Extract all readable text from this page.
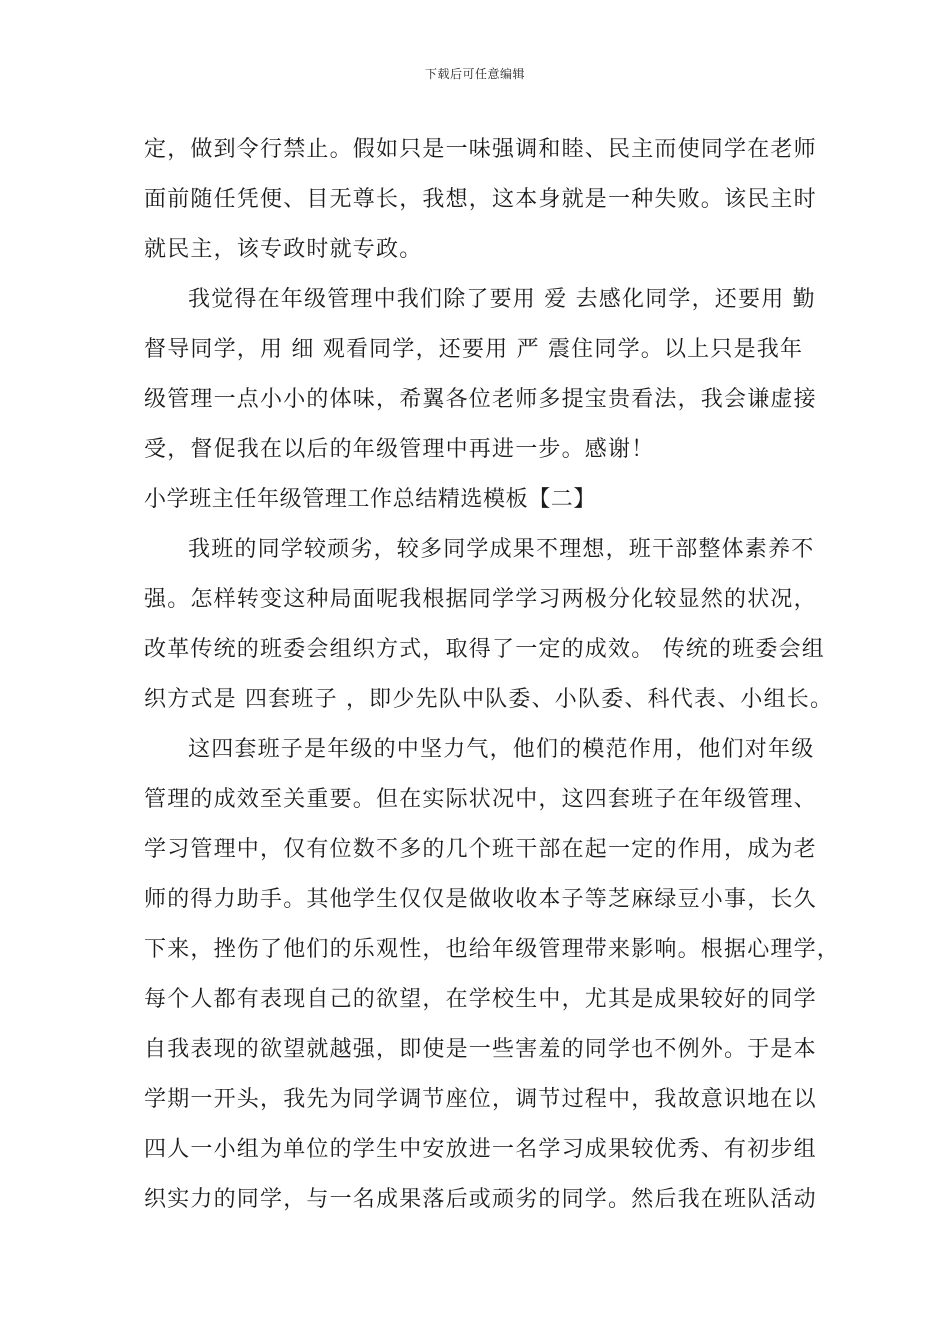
下载后可任意编辑
定，做到令行禁止。假如只是一味强调和睦、民主而使同学在老师
面前随任凭便、目无尊长，我想，这本身就是一种失败。该民主时
就民主，该专政时就专政。
我觉得在年级管理中我们除了要用 爱 去感化同学，还要用 勤
督导同学，用 细 观看同学，还要用 严 震住同学。以上只是我年
级管理一点小小的体味，希翼各位老师多提宝贵看法，我会谦虚接
受，督促我在以后的年级管理中再进一步。感谢！
小学班主任年级管理工作总结精选模板【二】
我班的同学较顽劣，较多同学成果不理想，班干部整体素养不
强。怎样转变这种局面呢我根据同学学习两极分化较显然的状况，
改革传统的班委会组织方式，取得了一定的成效。 传统的班委会组
织方式是 四套班子 ，即少先队中队委、小队委、科代表、小组长。
这四套班子是年级的中坚力气，他们的模范作用，他们对年级
管理的成效至关重要。但在实际状况中，这四套班子在年级管理、
学习管理中，仅有位数不多的几个班干部在起一定的作用，成为老
师的得力助手。其他学生仅仅是做收收本子等芝麻绿豆小事，长久
下来，挫伤了他们的乐观性，也给年级管理带来影响。根据心理学，
每个人都有表现自己的欲望，在学校生中，尤其是成果较好的同学
自我表现的欲望就越强，即使是一些害羞的同学也不例外。于是本
学期一开头，我先为同学调节座位，调节过程中，我故意识地在以
四人一小组为单位的学生中安放进一名学习成果较优秀、有初步组
织实力的同学，与一名成果落后或顽劣的同学。然后我在班队活动
